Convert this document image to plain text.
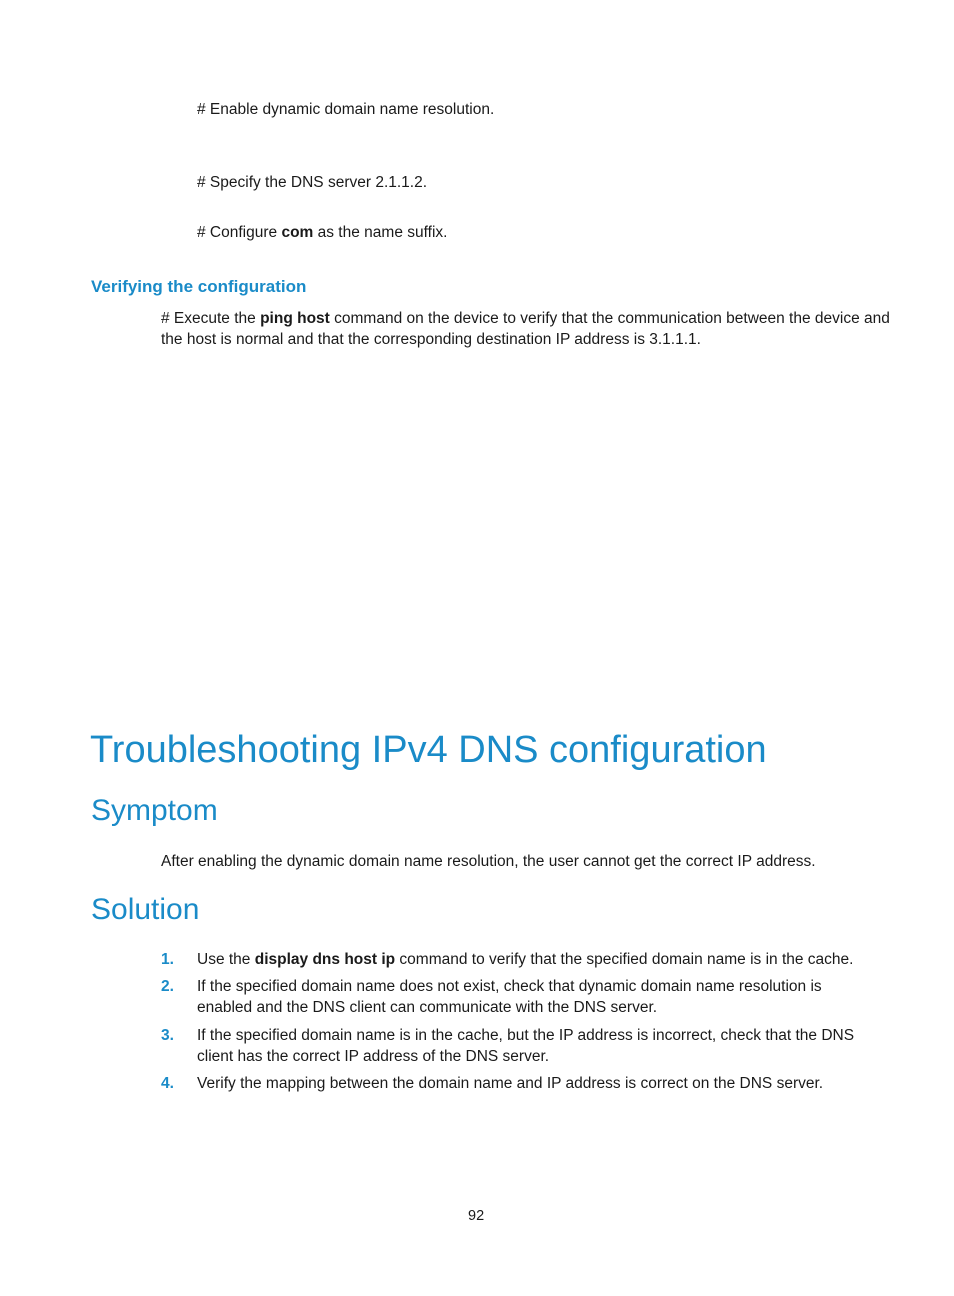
# Enable dynamic domain name resolution.
# Specify the DNS server 2.1.1.2.
# Configure com as the name suffix.
Verifying the configuration
# Execute the ping host command on the device to verify that the communication between the device and
the host is normal and that the corresponding destination IP address is 3.1.1.1.
Troubleshooting IPv4 DNS configuration
Symptom
After enabling the dynamic domain name resolution, the user cannot get the correct IP address.
Solution
1. Use the display dns host ip command to verify that the specified domain name is in the cache.
2. If the specified domain name does not exist, check that dynamic domain name resolution is
enabled and the DNS client can communicate with the DNS server.
3. If the specified domain name is in the cache, but the IP address is incorrect, check that the DNS
client has the correct IP address of the DNS server.
4. Verify the mapping between the domain name and IP address is correct on the DNS server.
92
